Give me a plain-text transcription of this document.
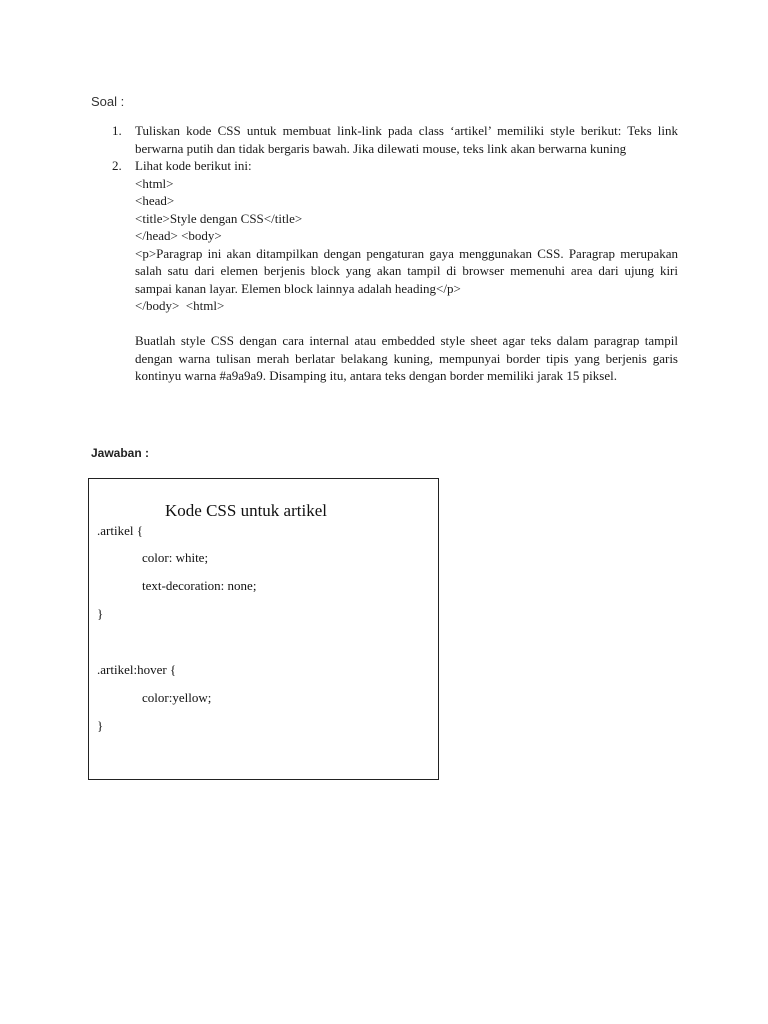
Soal :
1.	Tuliskan kode CSS untuk membuat link-link pada class ‘artikel’ memiliki style berikut: Teks link berwarna putih dan tidak bergaris bawah. Jika dilewati mouse, teks link akan berwarna kuning

2.	Lihat kode berikut ini:

<html>

<head>

<title>Style dengan CSS</title>

</head> <body>

<p>Paragrap ini akan ditampilkan dengan pengaturan gaya menggunakan CSS. Paragrap merupakan salah satu dari elemen berjenis block yang akan tampil di browser memenuhi area dari ujung kiri sampai kanan layar. Elemen block lainnya adalah heading</p>

</body>  <html>

Buatlah style CSS dengan cara internal atau embedded style sheet agar teks dalam paragrap tampil dengan warna tulisan merah berlatar belakang kuning, mempunyai border tipis yang berjenis garis kontinyu warna #a9a9a9. Disamping itu, antara teks dengan border memiliki jarak 15 piksel.

Jawaban :
Kode CSS untuk artikel
.artikel {
color: white;
text-decoration: none;
}
.artikel:hover {
color:yellow;
}
